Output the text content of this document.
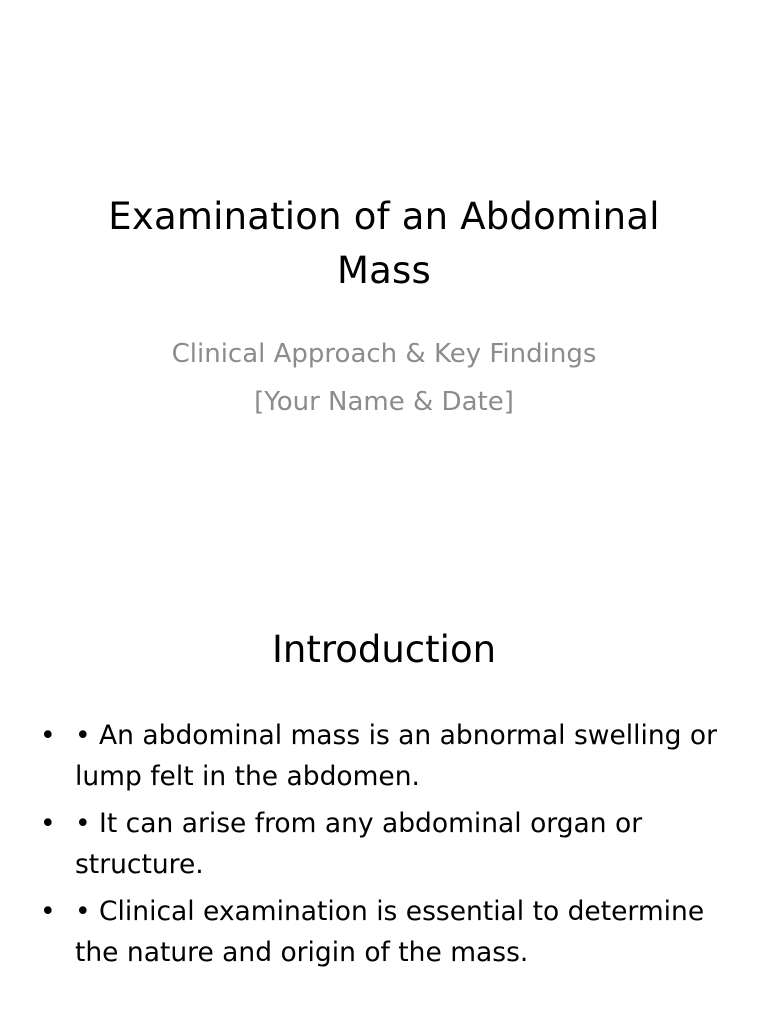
Examination of an Abdominal Mass
Clinical Approach & Key Findings
[Your Name & Date]
Introduction
• • An abdominal mass is an abnormal swelling or lump felt in the abdomen.
• • It can arise from any abdominal organ or structure.
• • Clinical examination is essential to determine the nature and origin of the mass.
